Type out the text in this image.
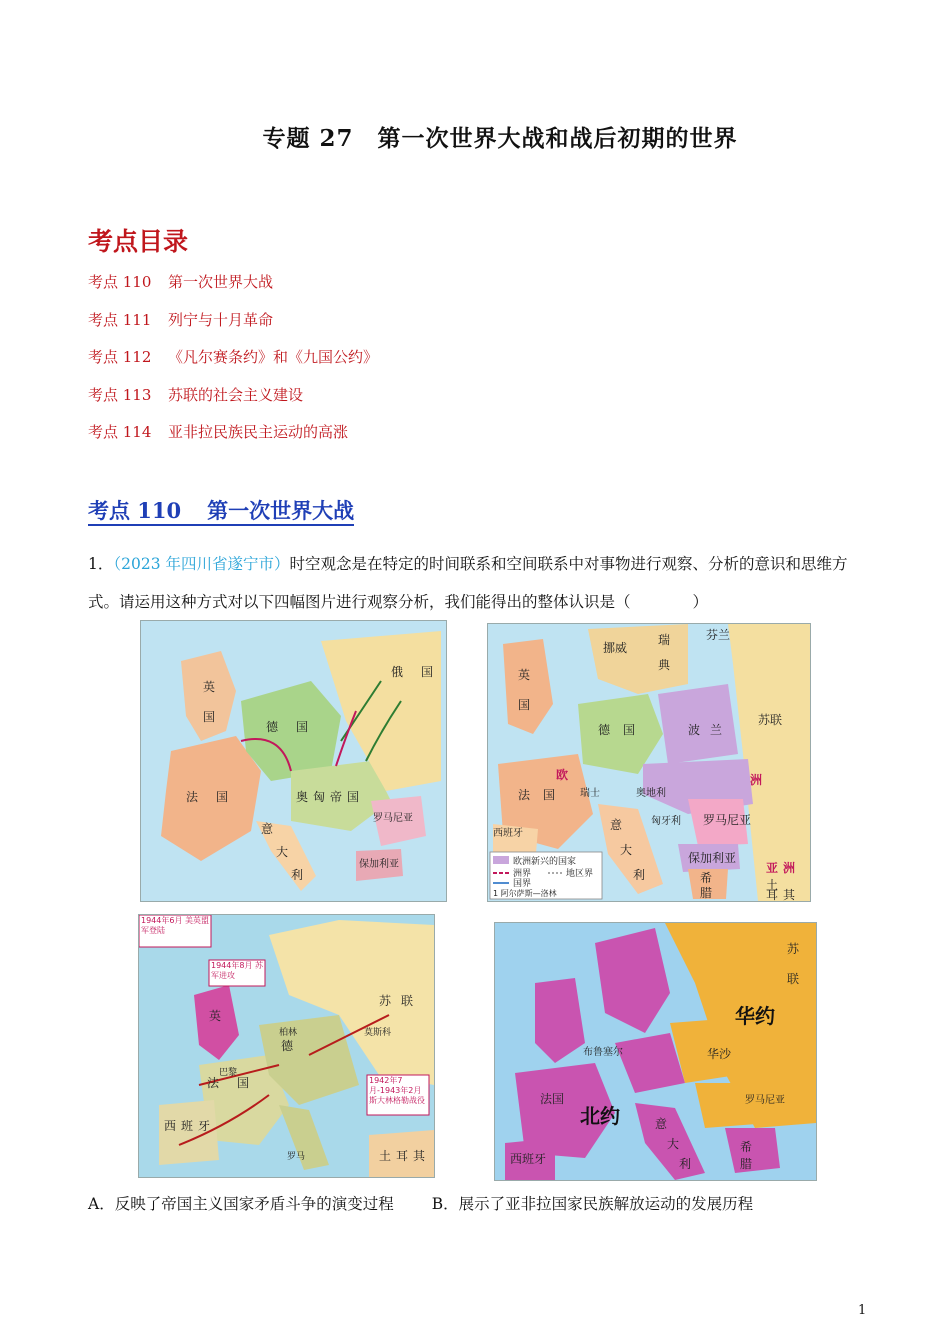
专题 27　第一次世界大战和战后初期的世界
考点目录
考点 110 第一次世界大战
考点 111 列宁与十月革命
考点 112 《凡尔赛条约》和《九国公约》
考点 113 苏联的社会主义建设
考点 114 亚非拉民族民主运动的高涨
考点 110 第一次世界大战
1．（2023 年四川省遂宁市）时空观念是在特定的时间联系和空间联系中对事物进行观察、分析的意识和思维方式。请运用这种方式对以下四幅图片进行观察分析，我们能得出的整体认识是（　　　　）
英
国
法 国
德 国
奥 匈 帝 国
俄 国
意
大
利
罗马尼亚
保加利亚	欧洲新兴的国家
洲界	地区界
国界
1 阿尔萨斯—洛林
挪威
瑞
典
英
国
德 国	波 兰
苏联
法 国 瑞士	奥地利
匈牙利 罗马尼亚
保加利亚
意
大
利
西班牙
希
腊
欧	洲
亚 洲
土
耳 其
芬兰
1944年6月 美英盟军登陆
1944年8月 苏军进攻
1942年7月-1943年2月 斯大林格勒战役
英
法 国
德
西 班 牙
苏 联
土 耳 其
罗马
柏林
巴黎
莫斯科
华约
北约
法国
西班牙
意
大
利
苏
联
华沙
罗马尼亚
希
腊
布鲁塞尔
A．反映了帝国主义国家矛盾斗争的演变过程 B．展示了亚非拉国家民族解放运动的发展历程
1
